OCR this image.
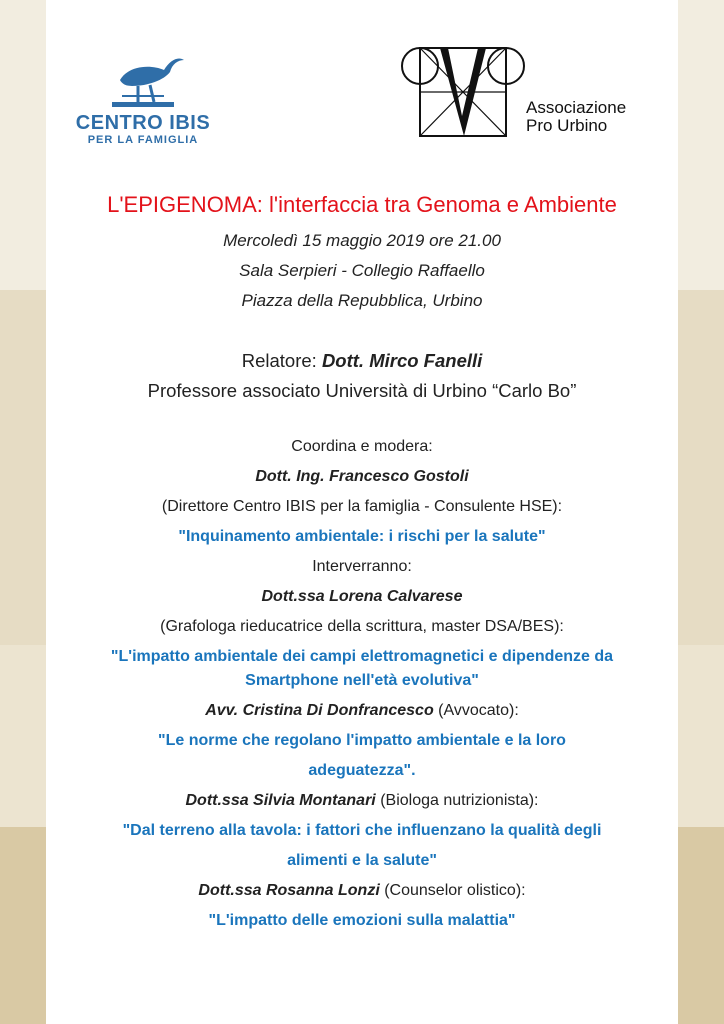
CENTRO IBIS
PER LA FAMIGLIA
Associazione
Pro Urbino
L'EPIGENOMA: l'interfaccia tra Genoma e Ambiente
Mercoledì 15 maggio 2019 ore 21.00
Sala Serpieri - Collegio Raffaello
Piazza della Repubblica, Urbino
Relatore: Dott. Mirco Fanelli
Professore associato Università di Urbino “Carlo Bo”
Coordina e modera:
Dott. Ing. Francesco Gostoli
(Direttore Centro IBIS per la famiglia - Consulente HSE):
"Inquinamento ambientale: i rischi per la salute"
Interverranno:
Dott.ssa Lorena Calvarese
(Grafologa rieducatrice della scrittura, master DSA/BES):
"L'impatto ambientale dei campi elettromagnetici e dipendenze da
Smartphone nell'età evolutiva"
Avv. Cristina Di Donfrancesco (Avvocato):
"Le norme che regolano l'impatto ambientale e la loro
adeguatezza".
Dott.ssa Silvia Montanari (Biologa nutrizionista):
"Dal terreno alla tavola: i fattori che influenzano la qualità degli
alimenti e la salute"
Dott.ssa Rosanna Lonzi (Counselor olistico):
"L'impatto delle emozioni sulla malattia"
